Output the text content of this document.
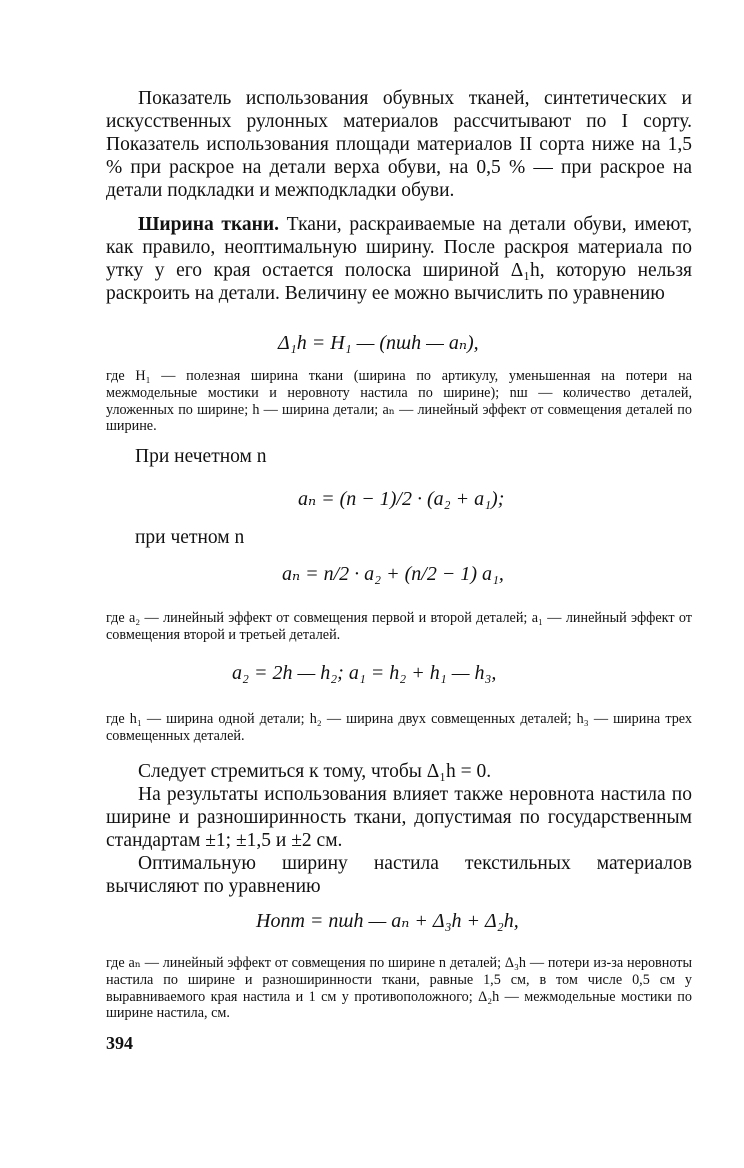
Показатель использования обувных тканей, синтетических и искусственных рулонных материалов рассчитывают по I сорту. Показатель использования площади материалов II сорта ниже на 1,5 % при раскрое на детали верха обуви, на 0,5 % — при раскрое на детали подкладки и межподкладки обуви.

Ширина ткани. Ткани, раскраиваемые на детали обуви, имеют, как правило, неоптимальную ширину. После раскроя материала по утку у его края остается полоска шириной Δ₁h, которую нельзя раскроить на детали. Величину ее можно вычислить по уравнению

Δ₁h = H₁ — (nшh — aₙ),

где H₁ — полезная ширина ткани (ширина по артикулу, уменьшенная на потери на межмодельные мостики и неровноту настила по ширине); nш — количество деталей, уложенных по ширине; h — ширина детали; aₙ — линейный эффект от совмещения деталей по ширине.

При нечетном n

aₙ = (n − 1)/2 · (a₂ + a₁);

при четном n

aₙ = n/2 · a₂ + (n/2 − 1) a₁,

где a₂ — линейный эффект от совмещения первой и второй деталей; a₁ — линейный эффект от совмещения второй и третьей деталей.

a₂ = 2h — h₂; a₁ = h₂ + h₁ — h₃,

где h₁ — ширина одной детали; h₂ — ширина двух совмещенных деталей; h₃ — ширина трех совмещенных деталей.

Следует стремиться к тому, чтобы Δ₁h = 0.

На результаты использования влияет также неровнота настила по ширине и разноширинность ткани, допустимая по государственным стандартам ±1; ±1,5 и ±2 см.

Оптимальную ширину настила текстильных материалов вычисляют по уравнению

Hопт = nшh — aₙ + Δ₃h + Δ₂h,

где aₙ — линейный эффект от совмещения по ширине n деталей; Δ₃h — потери из-за неровноты настила по ширине и разноширинности ткани, равные 1,5 см, в том числе 0,5 см у выравниваемого края настила и 1 см у противоположного; Δ₂h — межмодельные мостики по ширине настила, см.

394
